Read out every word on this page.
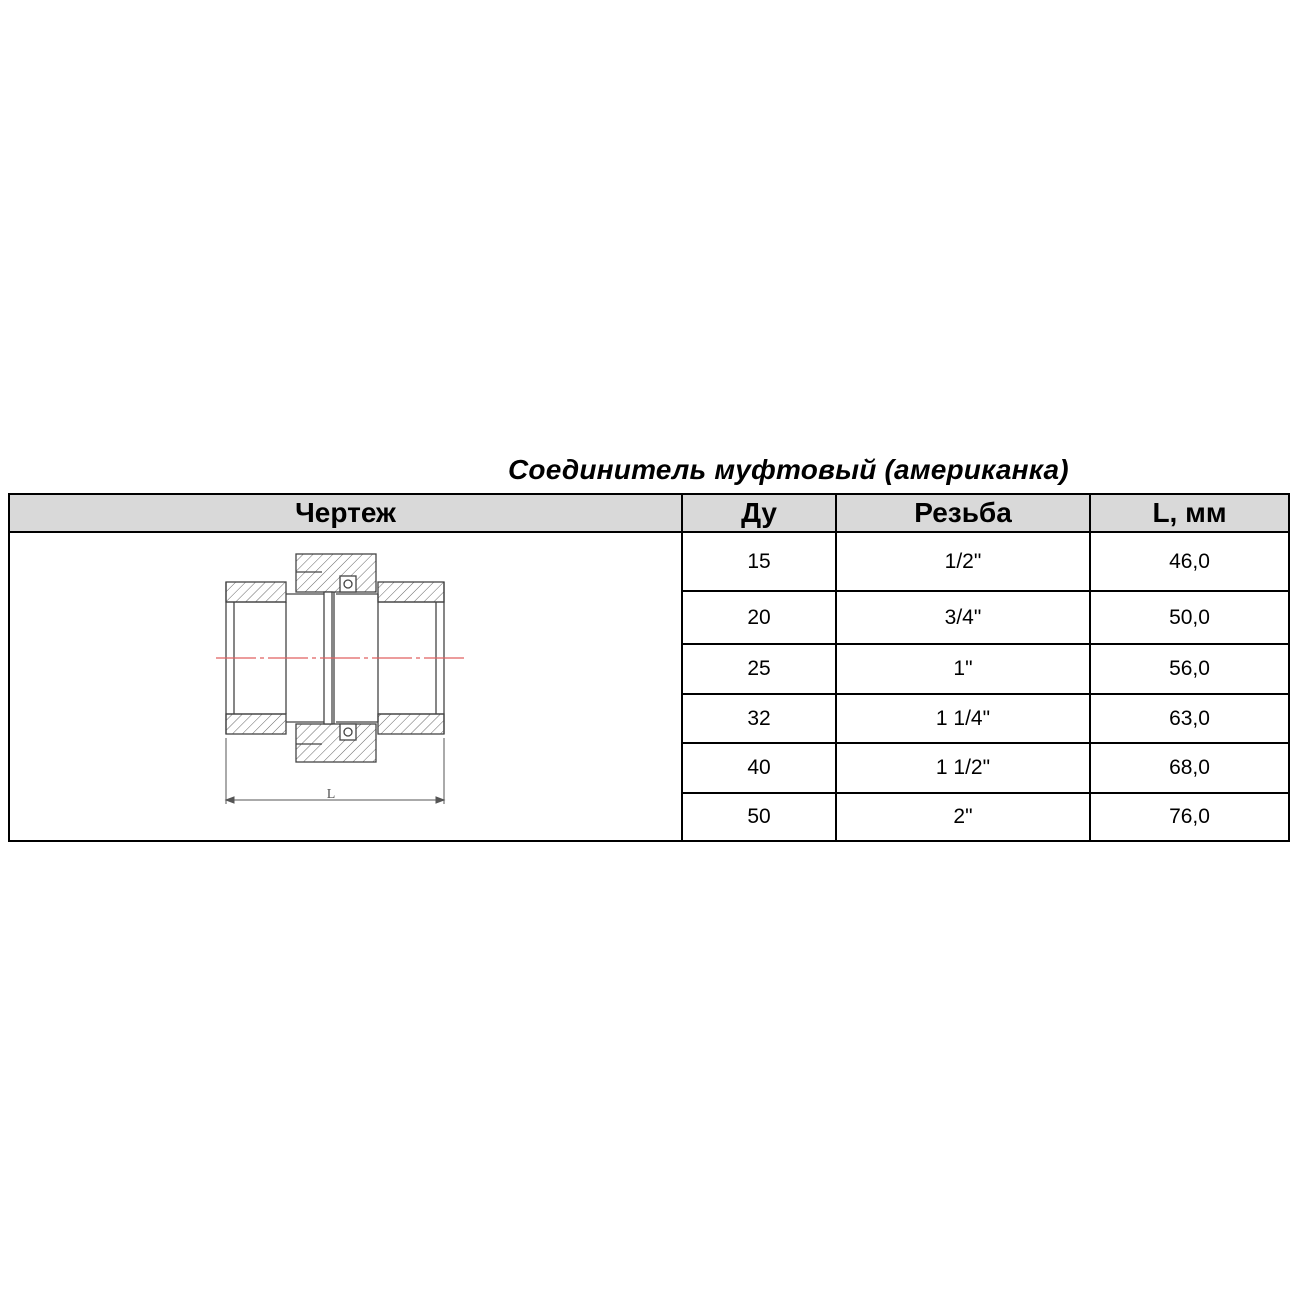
Соединитель муфтовый (американка)
Чертеж	Ду	Резьба	L, мм

L	15	1/2"	46,0
	20	3/4"	50,0
	25	1"	56,0
	32	1 1/4"	63,0
	40	1 1/2"	68,0
	50	2"	76,0
